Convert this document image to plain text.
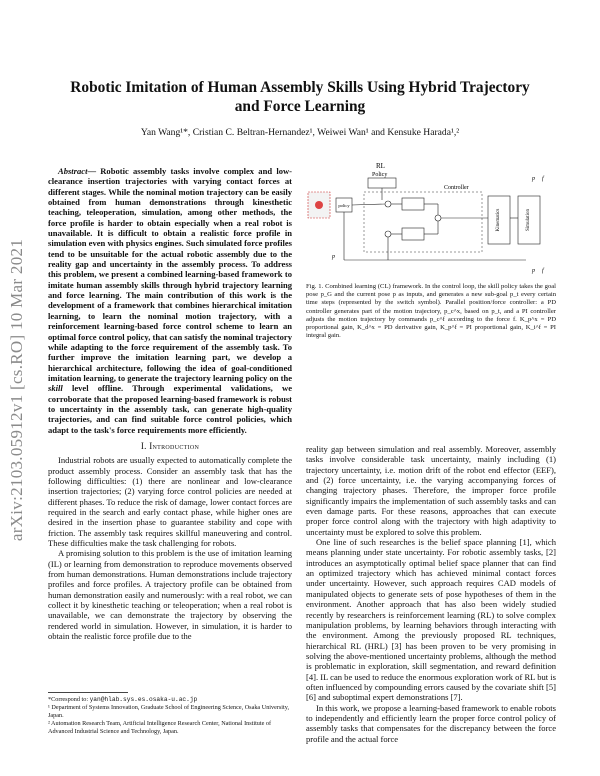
Robotic Imitation of Human Assembly Skills Using Hybrid Trajectory and Force Learning
Yan Wang¹*, Cristian C. Beltran-Hernandez¹, Weiwei Wan¹ and Kensuke Harada¹,²
arXiv:2103.05912v1 [cs.RO] 10 Mar 2021

Abstract— Robotic assembly tasks involve complex and low-clearance insertion trajectories with varying contact forces at different stages. While the nominal motion trajectory can be easily obtained from human demonstrations through kinesthetic teaching, teleoperation, simulation, among other methods, the force profile is harder to obtain especially when a real robot is unavailable. It is difficult to obtain a realistic force profile in simulation even with physics engines. Such simulated force profiles tend to be unsuitable for the actual robotic assembly due to the reality gap and uncertainty in the assembly process. To address this problem, we present a combined learning-based framework to imitate human assembly skills through hybrid trajectory learning and force learning. The main contribution of this work is the development of a framework that combines hierarchical imitation learning, to learn the nominal motion trajectory, with a reinforcement learning-based force control scheme to learn an optimal force control policy, that can satisfy the nominal trajectory while adapting to the force requirement of the assembly task. To further improve the imitation learning part, we develop a hierarchical architecture, following the idea of goal-conditioned imitation learning, to generate the trajectory learning policy on the skill level offline. Through experimental validations, we corroborate that the proposed learning-based framework is robust to uncertainty in the assembly task, can generate high-quality trajectories, and can find suitable force control policies, which adapt to the task's force requirements more efficiently.

I. Introduction

Industrial robots are usually expected to automatically complete the product assembly process. Consider an assembly task that has the following difficulties: (1) there are nonlinear and low-clearance insertion trajectories; (2) varying force control policies are needed at different phases. To reduce the risk of damage, lower contact forces are required in the search and early contact phase, while higher ones are desired in the insertion phase to guarantee stability and cope with friction. The assembly task requires skillful maneuvering and control. These difficulties make the task challenging for robots.

A promising solution to this problem is the use of imitation learning (IL) or learning from demonstration to reproduce movements observed from human demonstrations. Human demonstrations include trajectory profiles and force profiles. A trajectory profile can be obtained from human demonstration easily and numerously: with a real robot, we can collect it by kinesthetic teaching or teleoperation; when a real robot is unavailable, we can demonstrate the trajectory by observing the rendered world in simulation. However, in simulation, it is harder to obtain the realistic force profile due to the

*Correspond to: yan@hlab.sys.es.osaka-u.ac.jp

¹ Department of Systems Innovation, Graduate School of Engineering Science, Osaka University, Japan.

² Automation Research Team, Artificial Intelligence Research Center, National Institute of Advanced Industrial Science and Technology, Japan.

policy
RL
Policy
Controller
Kinematics	Simulation
p
p f
p f
Fig. 1. Combined learning (CL) framework. In the control loop, the skill policy takes the goal pose p_G and the current pose p as inputs, and generates a new sub-goal p_t every certain time steps (represented by the switch symbol). Parallel position/force controller: a PD controller generates part of the motion trajectory, p_c^x, based on p_t, and a PI controller adjusts the motion trajectory by commands p_c^f according to the force f. K_p^x = PD proportional gain, K_d^x = PD derivative gain, K_p^f = PI proportional gain, K_i^f = PI integral gain.

reality gap between simulation and real assembly. Moreover, assembly tasks involve considerable task uncertainty, mainly including (1) trajectory uncertainty, i.e. motion drift of the robot end effector (EEF), and (2) force uncertainty, i.e. the varying accompanying forces of changing trajectory phases. Therefore, the improper force profile significantly impairs the implementation of such assembly tasks and can even damage parts. For these reasons, approaches that can execute proper force control along with the trajectory with high adaptivity to uncertainty must be explored to solve this problem.

One line of such researches is the belief space planning [1], which means planning under state uncertainty. For robotic assembly tasks, [2] introduces an asymptotically optimal belief space planner that can find an optimized trajectory which has achieved minimal contact forces under uncertainty. However, such approach requires CAD models of manipulated objects to generate sets of pose hypotheses of them in the environment. Another approach that has also been widely studied recently by researchers is reinforcement learning (RL) to solve complex manipulation problems, by learning behaviors through interacting with the environment. Among the previously proposed RL techniques, hierarchical RL (HRL) [3] has been proven to be very promising in solving the above-mentioned uncertainty problems, although the method is problematic in exploration, skill segmentation, and reward definition [4]. IL can be used to reduce the enormous exploration work of RL but is often influenced by compounding errors caused by the covariate shift [5][6] and suboptimal expert demonstrations [7].

In this work, we propose a learning-based framework to enable robots to independently and efficiently learn the proper force control policy of assembly tasks that compensates for the discrepancy between the force profile and the actual force
